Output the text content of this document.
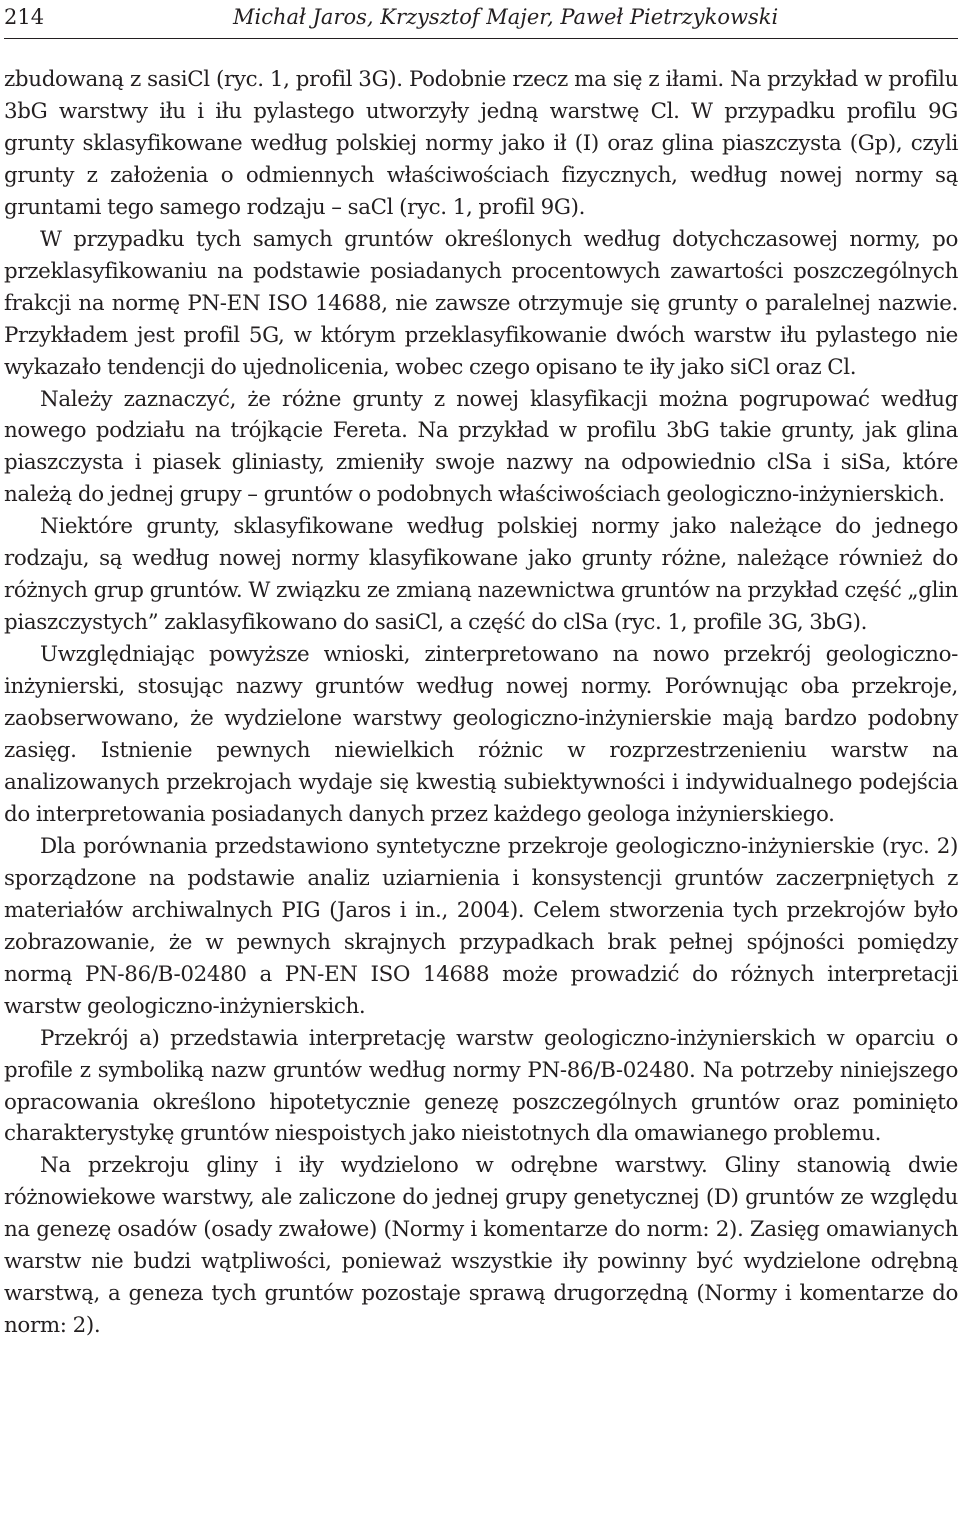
214	Michał Jaros, Krzysztof Majer, Paweł Pietrzykowski

zbudowaną z sasiCl (ryc. 1, profil 3G). Podobnie rzecz ma się z iłami. Na przykład w profilu 3bG warstwy iłu i iłu pylastego utworzyły jedną warstwę Cl. W przypadku profilu 9G grunty sklasyfikowane według polskiej normy jako ił (I) oraz glina piaszczysta (Gp), czyli grunty z założenia o odmiennych właściwościach fizycznych, według nowej normy są gruntami tego samego rodzaju – saCl (ryc. 1, profil 9G).

W przypadku tych samych gruntów określonych według dotychczasowej normy, po przeklasyfikowaniu na podstawie posiadanych procentowych zawartości poszczególnych frakcji na normę PN-EN ISO 14688, nie zawsze otrzymuje się grunty o paralelnej nazwie. Przykładem jest profil 5G, w którym przeklasyfikowanie dwóch warstw iłu pylastego nie wykazało tendencji do ujednolicenia, wobec czego opisano te iły jako siCl oraz Cl.

Należy zaznaczyć, że różne grunty z nowej klasyfikacji można pogrupować według nowego podziału na trójkącie Fereta. Na przykład w profilu 3bG takie grunty, jak glina piaszczysta i piasek gliniasty, zmieniły swoje nazwy na odpowiednio clSa i siSa, które należą do jednej grupy – gruntów o podobnych właściwościach geologiczno-inżynierskich.

Niektóre grunty, sklasyfikowane według polskiej normy jako należące do jednego rodzaju, są według nowej normy klasyfikowane jako grunty różne, należące również do różnych grup gruntów. W związku ze zmianą nazewnictwa gruntów na przykład część „glin piaszczystych” zaklasyfikowano do sasiCl, a część do clSa (ryc. 1, profile 3G, 3bG).

Uwzględniając powyższe wnioski, zinterpretowano na nowo przekrój geologiczno-inżynierski, stosując nazwy gruntów według nowej normy. Porównując oba przekroje, zaobserwowano, że wydzielone warstwy geologiczno-inżynierskie mają bardzo podobny zasięg. Istnienie pewnych niewielkich różnic w rozprzestrzenieniu warstw na analizowanych przekrojach wydaje się kwestią subiektywności i indywidualnego podejścia do interpretowania posiadanych danych przez każdego geologa inżynierskiego.

Dla porównania przedstawiono syntetyczne przekroje geologiczno-inżynierskie (ryc. 2) sporządzone na podstawie analiz uziarnienia i konsystencji gruntów zaczerpniętych z materiałów archiwalnych PIG (Jaros i in., 2004). Celem stworzenia tych przekrojów było zobrazowanie, że w pewnych skrajnych przypadkach brak pełnej spójności pomiędzy normą PN-86/B-02480 a PN-EN ISO 14688 może prowadzić do różnych interpretacji warstw geologiczno-inżynierskich.

Przekrój a) przedstawia interpretację warstw geologiczno-inżynierskich w oparciu o profile z symboliką nazw gruntów według normy PN-86/B-02480. Na potrzeby niniejszego opracowania określono hipotetycznie genezę poszczególnych gruntów oraz pominięto charakterystykę gruntów niespoistych jako nieistotnych dla omawianego problemu.

Na przekroju gliny i iły wydzielono w odrębne warstwy. Gliny stanowią dwie różnowiekowe warstwy, ale zaliczone do jednej grupy genetycznej (D) gruntów ze względu na genezę osadów (osady zwałowe) (Normy i komentarze do norm: 2). Zasięg omawianych warstw nie budzi wątpliwości, ponieważ wszystkie iły powinny być wydzielone odrębną warstwą, a geneza tych gruntów pozostaje sprawą drugorzędną (Normy i komentarze do norm: 2).
